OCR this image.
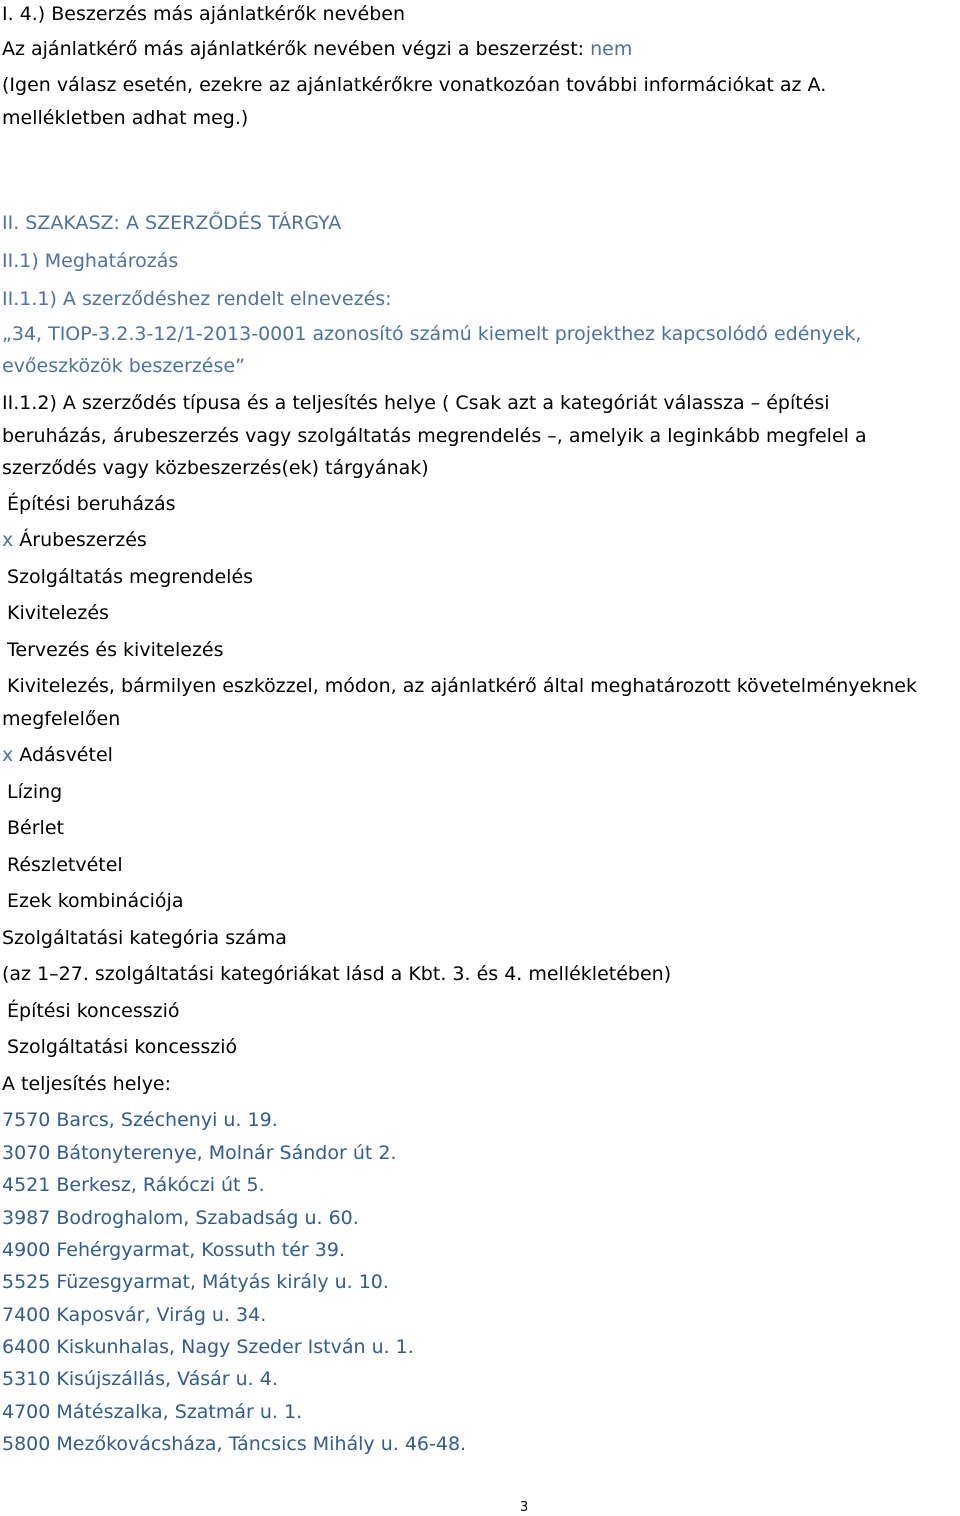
I. 4.) Beszerzés más ajánlatkérők nevében
Az ajánlatkérő más ajánlatkérők nevében végzi a beszerzést: nem
(Igen válasz esetén, ezekre az ajánlatkérőkre vonatkozóan további információkat az A.
mellékletben adhat meg.)
II. SZAKASZ: A SZERZŐDÉS TÁRGYA
II.1) Meghatározás
II.1.1) A szerződéshez rendelt elnevezés:
„34, TIOP-3.2.3-12/1-2013-0001 azonosító számú kiemelt projekthez kapcsolódó edények,
evőeszközök beszerzése”
II.1.2) A szerződés típusa és a teljesítés helye ( Csak azt a kategóriát válassza – építési
beruházás, árubeszerzés vagy szolgáltatás megrendelés –, amelyik a leginkább megfelel a
szerződés vagy közbeszerzés(ek) tárgyának)
Építési beruházás
x Árubeszerzés
Szolgáltatás megrendelés
Kivitelezés
Tervezés és kivitelezés
Kivitelezés, bármilyen eszközzel, módon, az ajánlatkérő által meghatározott követelményeknek
megfelelően
x Adásvétel
Lízing
Bérlet
Részletvétel
Ezek kombinációja
Szolgáltatási kategória száma
(az 1–27. szolgáltatási kategóriákat lásd a Kbt. 3. és 4. mellékletében)
Építési koncesszió
Szolgáltatási koncesszió
A teljesítés helye:
7570 Barcs, Széchenyi u. 19.
3070 Bátonyterenye, Molnár Sándor út 2.
4521 Berkesz, Rákóczi út 5.
3987 Bodroghalom, Szabadság u. 60.
4900 Fehérgyarmat, Kossuth tér 39.
5525 Füzesgyarmat, Mátyás király u. 10.
7400 Kaposvár, Virág u. 34.
6400 Kiskunhalas, Nagy Szeder István u. 1.
5310 Kisújszállás, Vásár u. 4.
4700 Mátészalka, Szatmár u. 1.
5800 Mezőkovácsháza, Táncsics Mihály u. 46-48.
3
